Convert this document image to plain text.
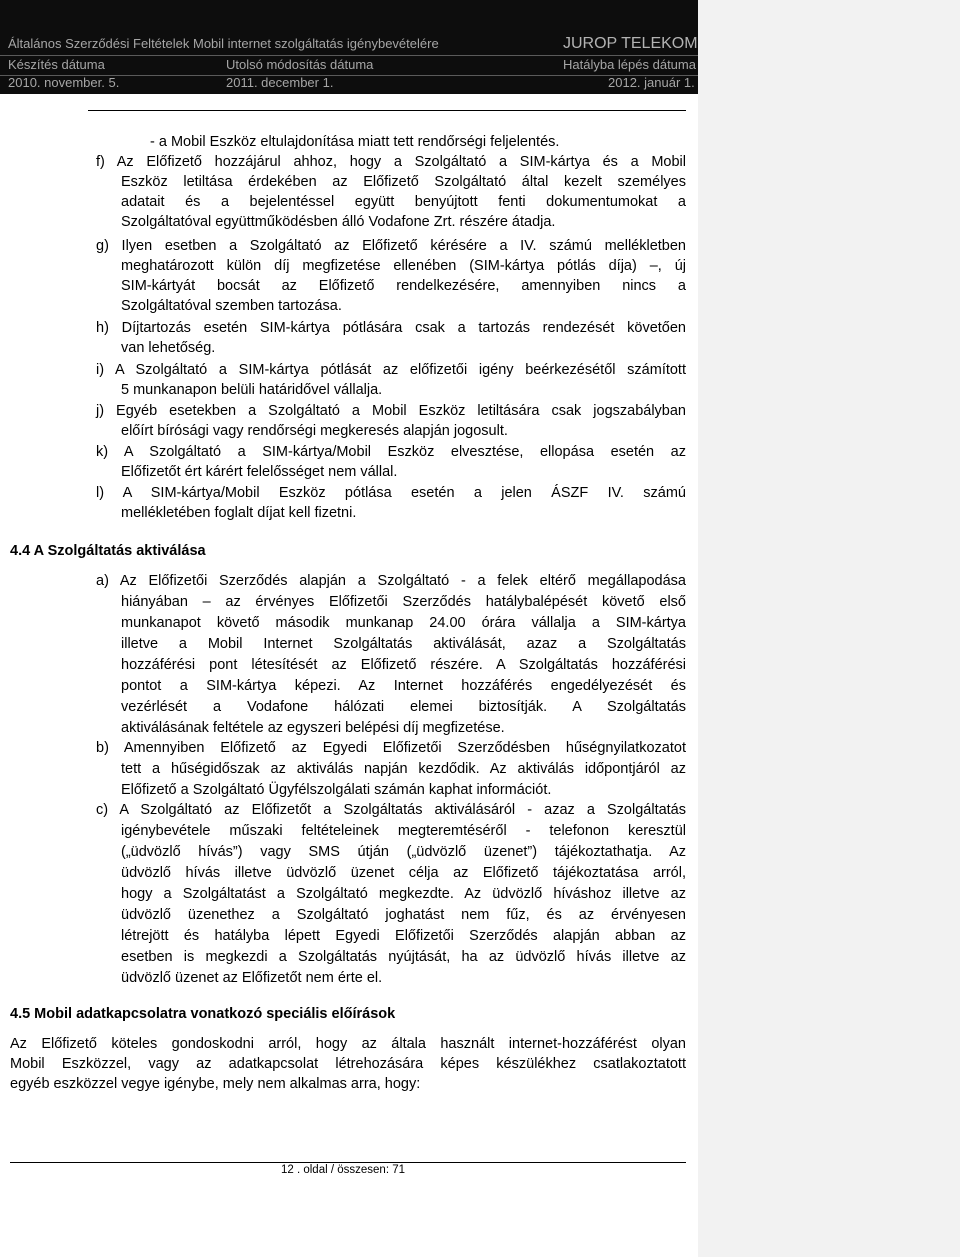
Általános Szerződési Feltételek Mobil internet szolgáltatás igénybevételére	JUROP TELEKOM
Készítés dátuma	Utolsó módosítás dátuma	Hatályba lépés dátuma
2010. november. 5.	2011. december 1.	2012. január 1.
- a Mobil Eszköz eltulajdonítása miatt tett rendőrségi feljelentés.
f) Az Előfizető hozzájárul ahhoz, hogy a Szolgáltató a SIM-kártya és a Mobil
Eszköz letiltása érdekében az Előfizető Szolgáltató által kezelt személyes
adatait és a bejelentéssel együtt benyújtott fenti dokumentumokat a
Szolgáltatóval együttműködésben álló Vodafone Zrt. részére átadja.
g) Ilyen esetben a Szolgáltató az Előfizető kérésére a IV. számú mellékletben
meghatározott külön díj megfizetése ellenében (SIM-kártya pótlás díja) –, új
SIM-kártyát bocsát az Előfizető rendelkezésére, amennyiben nincs a
Szolgáltatóval szemben tartozása.
h) Díjtartozás esetén SIM-kártya pótlására csak a tartozás rendezését követően
van lehetőség.
i) A Szolgáltató a SIM-kártya pótlását az előfizetői igény beérkezésétől számított
5 munkanapon belüli határidővel vállalja.
j) Egyéb esetekben a Szolgáltató a Mobil Eszköz letiltására csak jogszabályban
előírt bírósági vagy rendőrségi megkeresés alapján jogosult.
k) A Szolgáltató a SIM-kártya/Mobil Eszköz elvesztése, ellopása esetén az
Előfizetőt ért kárért felelősséget nem vállal.
l) A SIM-kártya/Mobil Eszköz pótlása esetén a jelen ÁSZF IV. számú
mellékletében foglalt díjat kell fizetni.
4.4 A Szolgáltatás aktiválása
a) Az Előfizetői Szerződés alapján a Szolgáltató - a felek eltérő megállapodása
hiányában – az érvényes Előfizetői Szerződés hatálybalépését követő első
munkanapot követő második munkanap 24.00 órára vállalja a SIM-kártya
illetve a Mobil Internet Szolgáltatás aktiválását, azaz a Szolgáltatás
hozzáférési pont létesítését az Előfizető részére. A Szolgáltatás hozzáférési
pontot a SIM-kártya képezi. Az Internet hozzáférés engedélyezését és
vezérlését a Vodafone hálózati elemei biztosítják. A Szolgáltatás
aktiválásának feltétele az egyszeri belépési díj megfizetése.
b) Amennyiben Előfizető az Egyedi Előfizetői Szerződésben hűségnyilatkozatot
tett a hűségidőszak az aktiválás napján kezdődik. Az aktiválás időpontjáról az
Előfizető a Szolgáltató Ügyfélszolgálati számán kaphat információt.
c) A Szolgáltató az Előfizetőt a Szolgáltatás aktiválásáról - azaz a Szolgáltatás
igénybevétele műszaki feltételeinek megteremtéséről - telefonon keresztül
(„üdvözlő hívás”) vagy SMS útján („üdvözlő üzenet”) tájékoztathatja. Az
üdvözlő hívás illetve üdvözlő üzenet célja az Előfizető tájékoztatása arról,
hogy a Szolgáltatást a Szolgáltató megkezdte. Az üdvözlő híváshoz illetve az
üdvözlő üzenethez a Szolgáltató joghatást nem fűz, és az érvényesen
létrejött és hatályba lépett Egyedi Előfizetői Szerződés alapján abban az
esetben is megkezdi a Szolgáltatás nyújtását, ha az üdvözlő hívás illetve az
üdvözlő üzenet az Előfizetőt nem érte el.
4.5 Mobil adatkapcsolatra vonatkozó speciális előírások
Az Előfizető köteles gondoskodni arról, hogy az általa használt internet-hozzáférést olyan
Mobil Eszközzel, vagy az adatkapcsolat létrehozására képes készülékhez csatlakoztatott
egyéb eszközzel vegye igénybe, mely nem alkalmas arra, hogy:
12 . oldal / összesen: 71
